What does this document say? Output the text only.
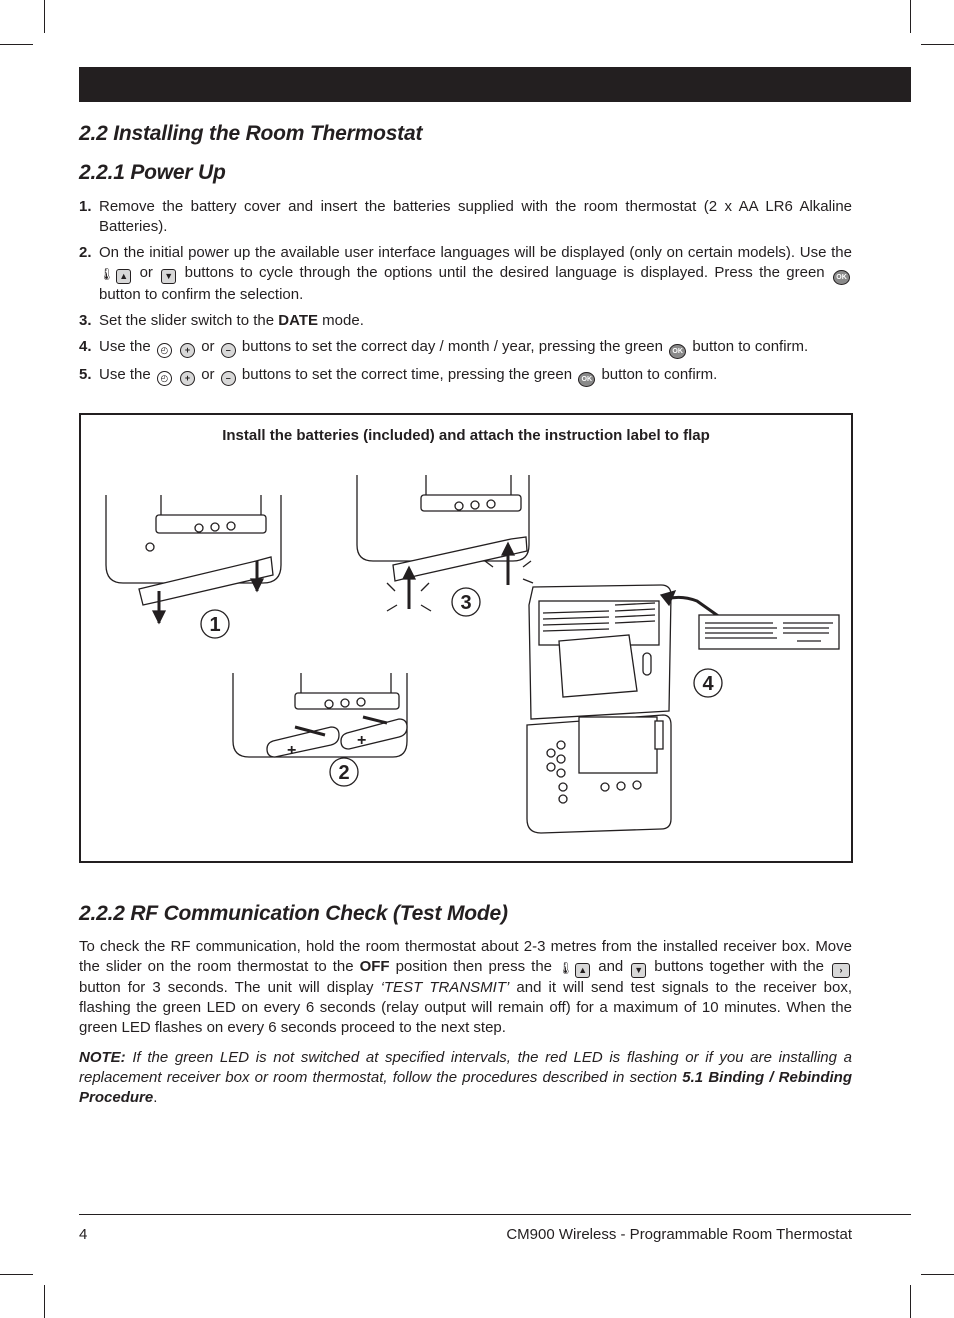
2.2 Installing the Room Thermostat
2.2.1 Power Up
1. Remove the battery cover and insert the batteries supplied with the room thermostat (2 x AA LR6 Alkaline Batteries).
2. On the initial power up the available user interface languages will be displayed (only on certain models). Use the 🌡 ▲ or ▼ buttons to cycle through the options until the desired language is displayed. Press the green OK button to confirm the selection.
3. Set the slider switch to the DATE mode.
4. Use the ◴ + or – buttons to set the correct day / month / year, pressing the green OK button to confirm.
5. Use the ◴ + or – buttons to set the correct time, pressing the green OK button to confirm.
Install the batteries (included) and attach the instruction label to flap
1
3
+
+
2
4
2.2.2 RF Communication Check (Test Mode)

To check the RF communication, hold the room thermostat about 2-3 metres from the installed receiver box. Move the slider on the room thermostat to the OFF position then press the 🌡 ▲ and ▼ buttons together with the › button for 3 seconds. The unit will display ‘TEST TRANSMIT’ and it will send test signals to the receiver box, flashing the green LED on every 6 seconds (relay output will remain off) for a maximum of 10 minutes. When the green LED flashes on every 6 seconds proceed to the next step.

NOTE: If the green LED is not switched at specified intervals, the red LED is flashing or if you are installing a replacement receiver box or room thermostat, follow the procedures described in section 5.1 Binding / Rebinding Procedure.

4	CM900 Wireless - Programmable Room Thermostat
